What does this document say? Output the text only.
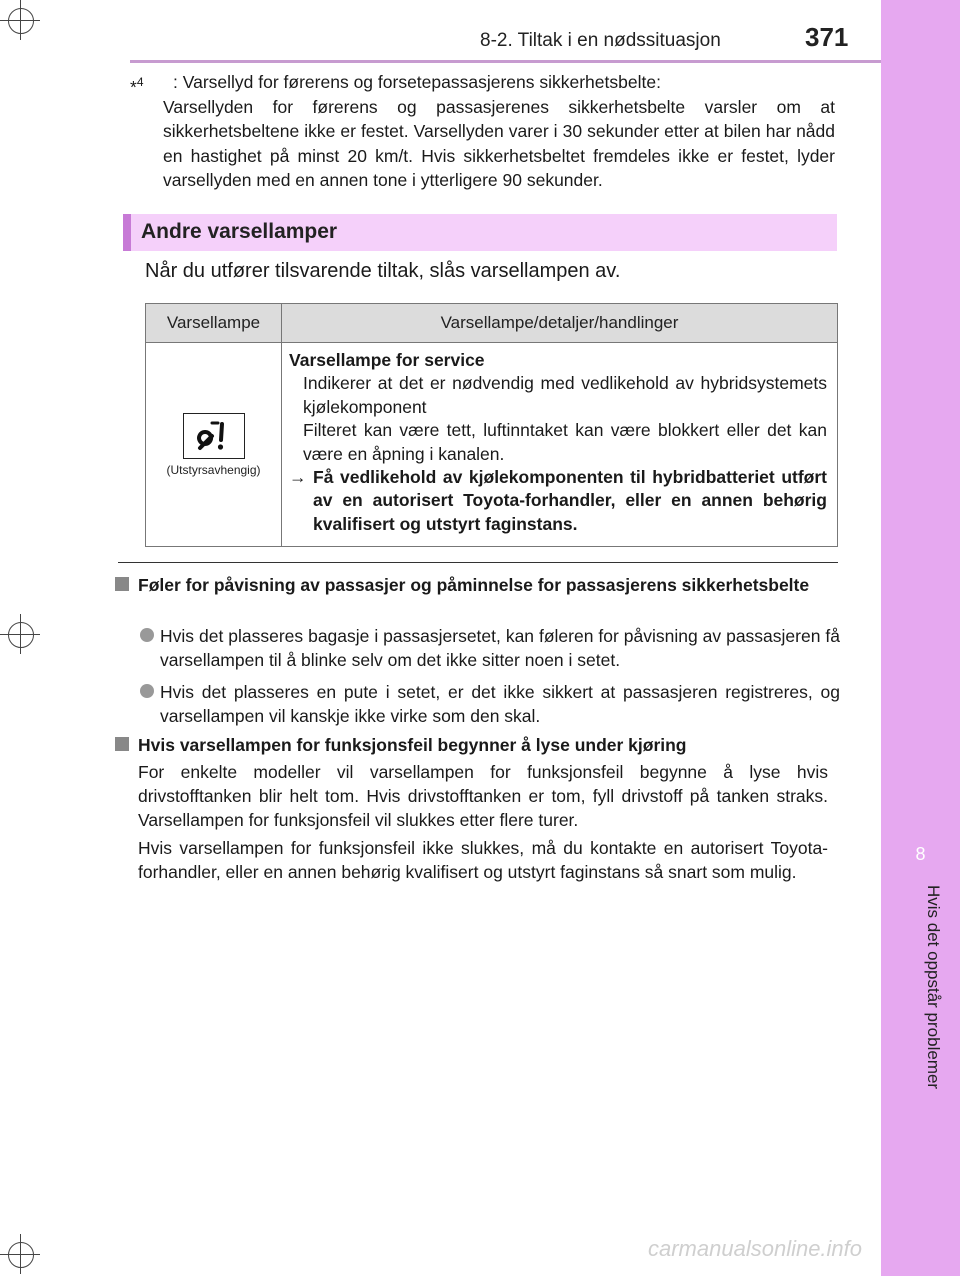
8
Hvis det oppstår problemer
8-2. Tiltak i en nødssituasjon	371
*$^4$ : Varsellyd for førerens og forsetepassasjerens sikkerhetsbelte:
Varsellyden for førerens og passasjerenes sikkerhetsbelte varsler om at sikkerhetsbeltene ikke er festet. Varsellyden varer i 30 sekunder etter at bilen har nådd en hastighet på minst 20 km/t. Hvis sikkerhetsbeltet fremdeles ikke er festet, lyder varsellyden med en annen tone i ytterligere 90 sekunder.
Andre varsellamper
Når du utfører tilsvarende tiltak, slås varsellampen av.
Varsellampe	Varsellampe/detaljer/handlinger

(Utstyrsavhengig)	Varsellampe for service
Indikerer at det er nødvendig med vedlikehold av hybridsystemets kjølekomponent
Filteret kan være tett, luftinntaket kan være blokkert eller det kan være en åpning i kanalen.
→ Få vedlikehold av kjølekomponenten til hybridbatteriet utført av en autorisert Toyota-forhandler, eller en annen behørig kvalifisert og utstyrt faginstans.
Føler for påvisning av passasjer og påminnelse for passasjerens sikkerhetsbelte
Hvis det plasseres bagasje i passasjersetet, kan føleren for påvisning av passasjeren få varsellampen til å blinke selv om det ikke sitter noen i setet.
Hvis det plasseres en pute i setet, er det ikke sikkert at passasjeren registreres, og varsellampen vil kanskje ikke virke som den skal.
Hvis varsellampen for funksjonsfeil begynner å lyse under kjøring
For enkelte modeller vil varsellampen for funksjonsfeil begynne å lyse hvis drivstofftanken blir helt tom. Hvis drivstofftanken er tom, fyll drivstoff på tanken straks. Varsellampen for funksjonsfeil vil slukkes etter flere turer.
Hvis varsellampen for funksjonsfeil ikke slukkes, må du kontakte en autorisert Toyota-forhandler, eller en annen behørig kvalifisert og utstyrt faginstans så snart som mulig.
carmanualsonline.info
